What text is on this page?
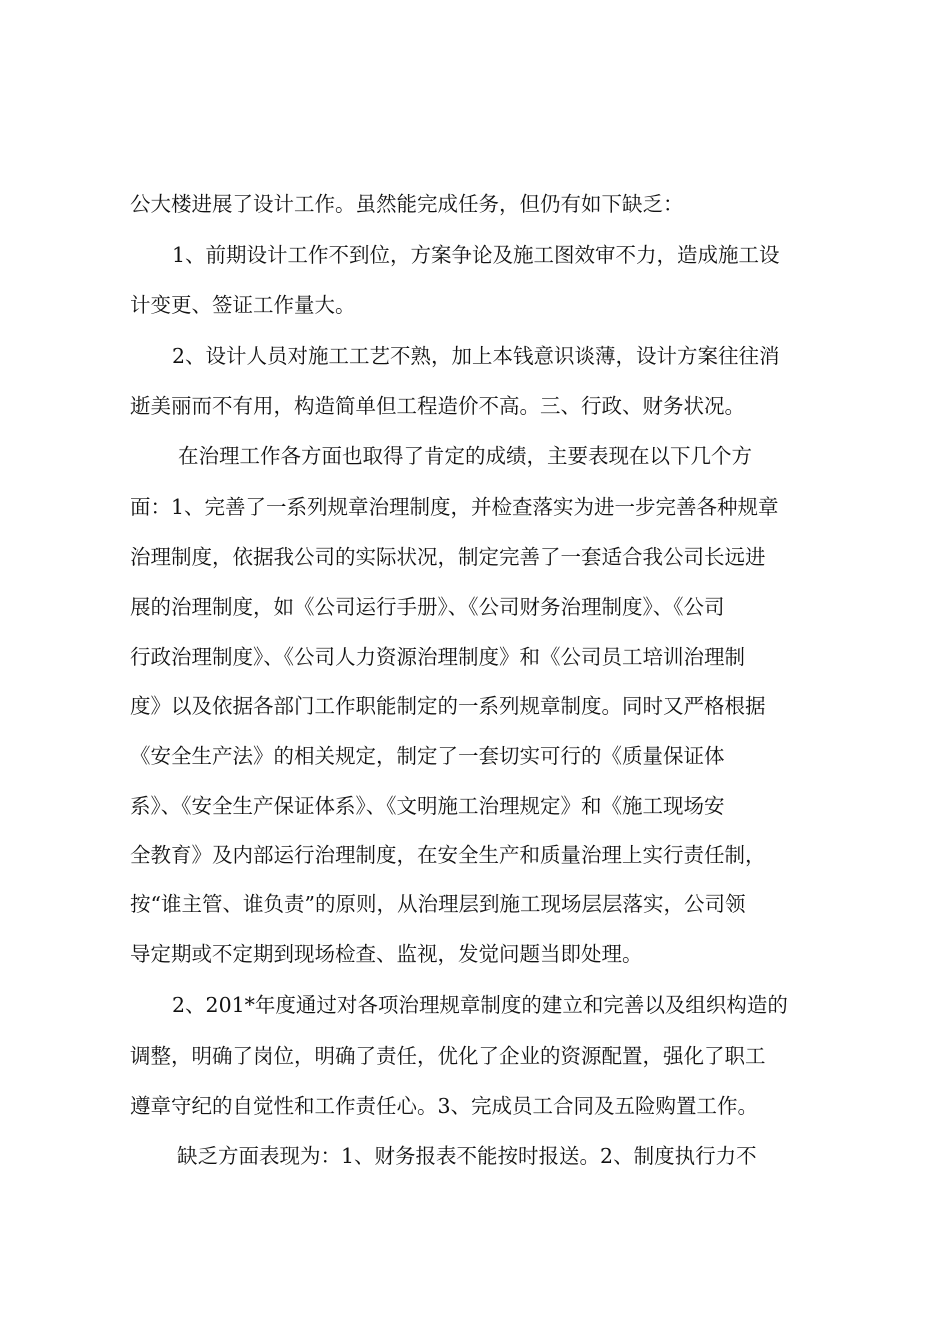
公大楼进展了设计工作。虽然能完成任务，但仍有如下缺乏：
1、前期设计工作不到位，方案争论及施工图效审不力，造成施工设
计变更、签证工作量大。
2、设计人员对施工工艺不熟，加上本钱意识谈薄，设计方案往往消
逝美丽而不有用，构造简单但工程造价不高。三、行政、财务状况。
在治理工作各方面也取得了肯定的成绩，主要表现在以下几个方
面：1、完善了一系列规章治理制度，并检查落实为进一步完善各种规章
治理制度，依据我公司的实际状况，制定完善了一套适合我公司长远进
展的治理制度，如《公司运行手册》、《公司财务治理制度》、《公司
行政治理制度》、《公司人力资源治理制度》和《公司员工培训治理制
度》以及依据各部门工作职能制定的一系列规章制度。同时又严格根据
《安全生产法》的相关规定，制定了一套切实可行的《质量保证体
系》、《安全生产保证体系》、《文明施工治理规定》和《施工现场安
全教育》及内部运行治理制度，在安全生产和质量治理上实行责任制，
按“谁主管、谁负责”的原则，从治理层到施工现场层层落实，公司领
导定期或不定期到现场检查、监视，发觉问题当即处理。
2、201*年度通过对各项治理规章制度的建立和完善以及组织构造的
调整，明确了岗位，明确了责任，优化了企业的资源配置，强化了职工
遵章守纪的自觉性和工作责任心。3、完成员工合同及五险购置工作。
缺乏方面表现为：1、财务报表不能按时报送。2、制度执行力不
